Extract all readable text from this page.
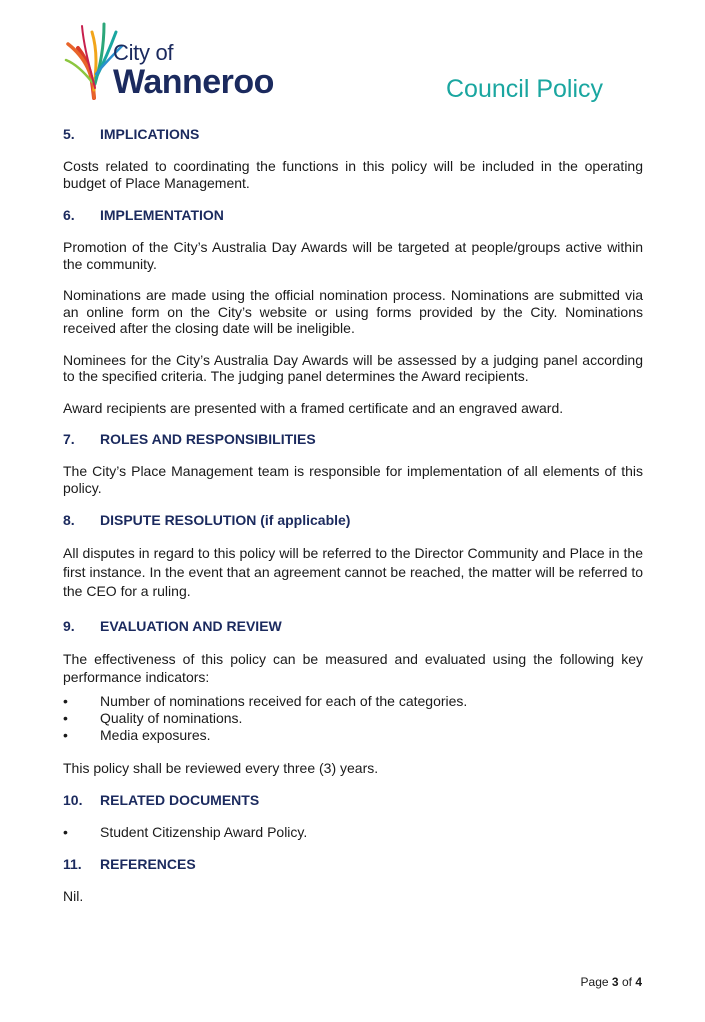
City of
Wanneroo	Council Policy
5.	IMPLICATIONS

Costs related to coordinating the functions in this policy will be included in the operating budget of Place Management.

6.	IMPLEMENTATION

Promotion of the City’s Australia Day Awards will be targeted at people/groups active within the community.

Nominations are made using the official nomination process. Nominations are submitted via an online form on the City’s website or using forms provided by the City. Nominations received after the closing date will be ineligible.

Nominees for the City’s Australia Day Awards will be assessed by a judging panel according to the specified criteria. The judging panel determines the Award recipients.

Award recipients are presented with a framed certificate and an engraved award.

7.	ROLES AND RESPONSIBILITIES

The City’s Place Management team is responsible for implementation of all elements of this policy.

8.	DISPUTE RESOLUTION (if applicable)

All disputes in regard to this policy will be referred to the Director Community and Place in the first instance. In the event that an agreement cannot be reached, the matter will be referred to the CEO for a ruling.

9.	EVALUATION AND REVIEW

The effectiveness of this policy can be measured and evaluated using the following key performance indicators:

•	Number of nominations received for each of the categories.
•	Quality of nominations.
•	Media exposures.

This policy shall be reviewed every three (3) years.

10.	RELATED DOCUMENTS
•	Student Citizenship Award Policy.
11.	REFERENCES

Nil.

Page 3 of 4
